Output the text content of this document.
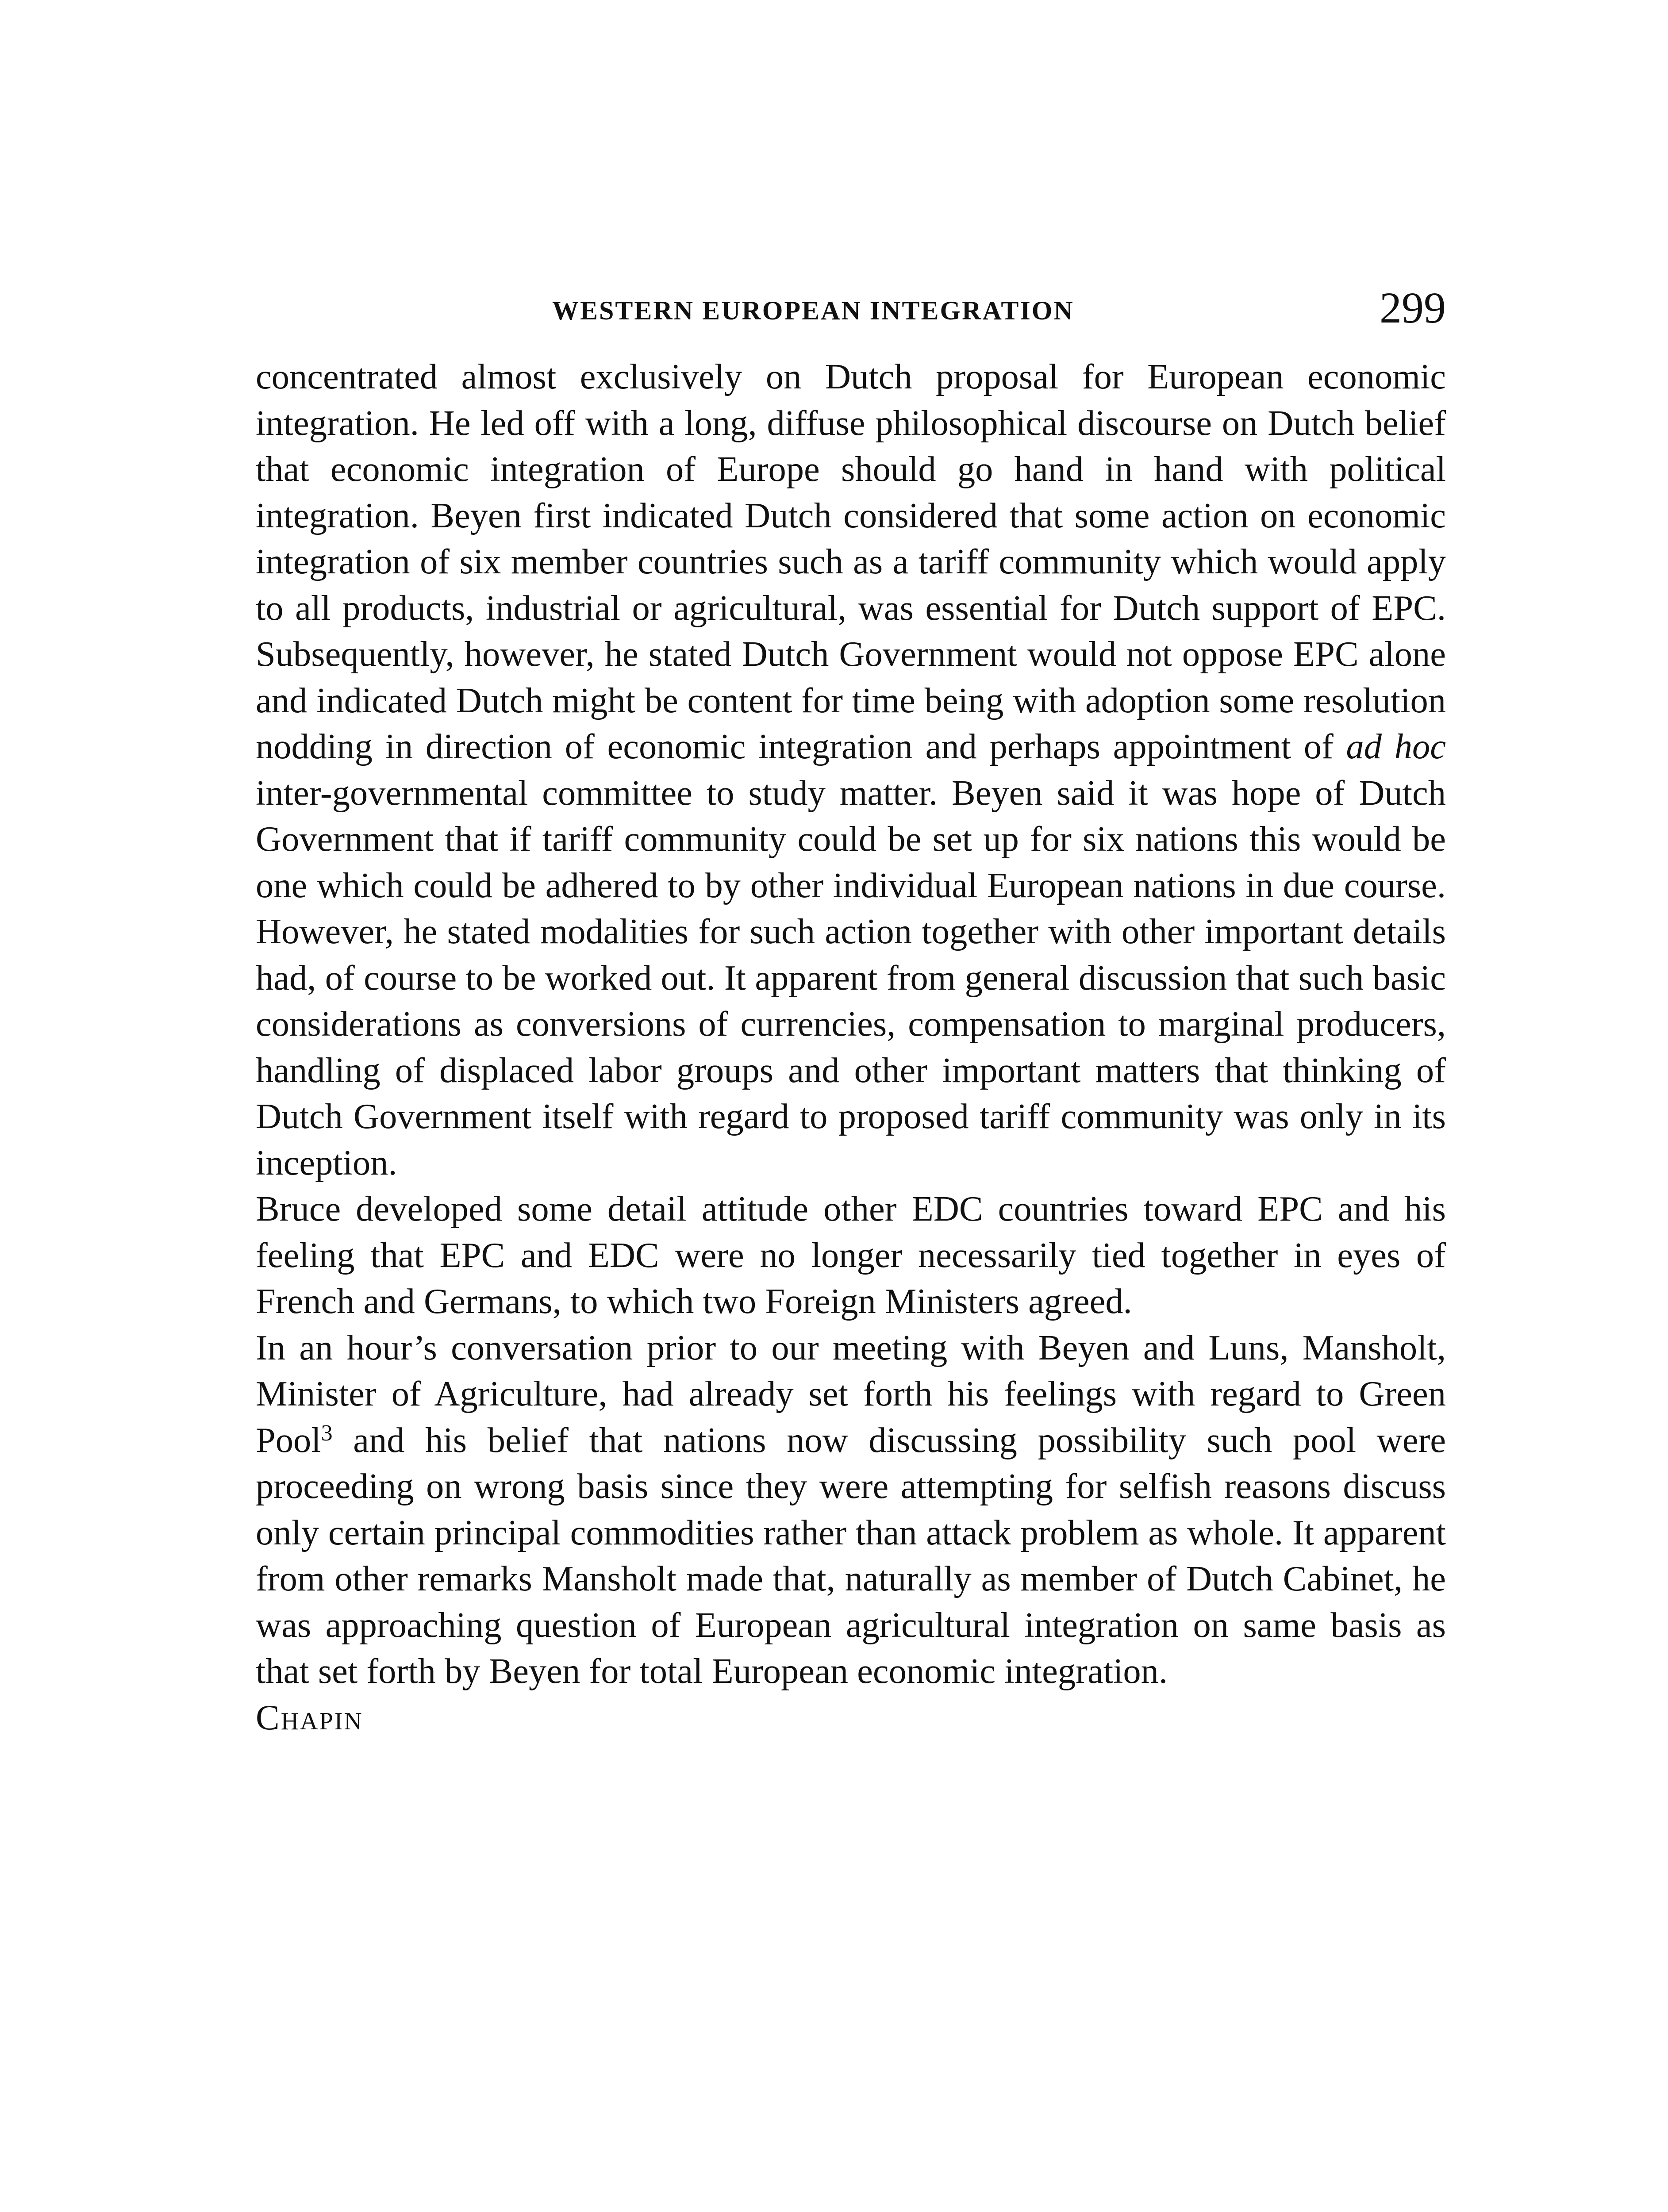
WESTERN EUROPEAN INTEGRATION	299

concentrated almost exclusively on Dutch proposal for European economic integration. He led off with a long, diffuse philosophical discourse on Dutch belief that economic integration of Europe should go hand in hand with political integration. Beyen first indicated Dutch considered that some action on economic integration of six member countries such as a tariff community which would apply to all products, industrial or agricultural, was essential for Dutch support of EPC. Subsequently, however, he stated Dutch Government would not oppose EPC alone and indicated Dutch might be content for time being with adoption some resolution nodding in direction of economic integration and perhaps appointment of ad hoc inter-governmental committee to study matter. Beyen said it was hope of Dutch Government that if tariff community could be set up for six nations this would be one which could be adhered to by other individual European nations in due course. However, he stated modalities for such action together with other important details had, of course to be worked out. It apparent from general discussion that such basic considerations as conversions of currencies, compensation to marginal producers, handling of displaced labor groups and other important matters that thinking of Dutch Government itself with regard to proposed tariff community was only in its inception.

Bruce developed some detail attitude other EDC countries toward EPC and his feeling that EPC and EDC were no longer necessarily tied together in eyes of French and Germans, to which two Foreign Ministers agreed.

In an hour’s conversation prior to our meeting with Beyen and Luns, Mansholt, Minister of Agriculture, had already set forth his feelings with regard to Green Pool$^3$ and his belief that nations now discussing possibility such pool were proceeding on wrong basis since they were attempting for selfish reasons discuss only certain principal commodities rather than attack problem as whole. It apparent from other remarks Mansholt made that, naturally as member of Dutch Cabinet, he was approaching question of European agricultural integration on same basis as that set forth by Beyen for total European economic integration.

Chapin
